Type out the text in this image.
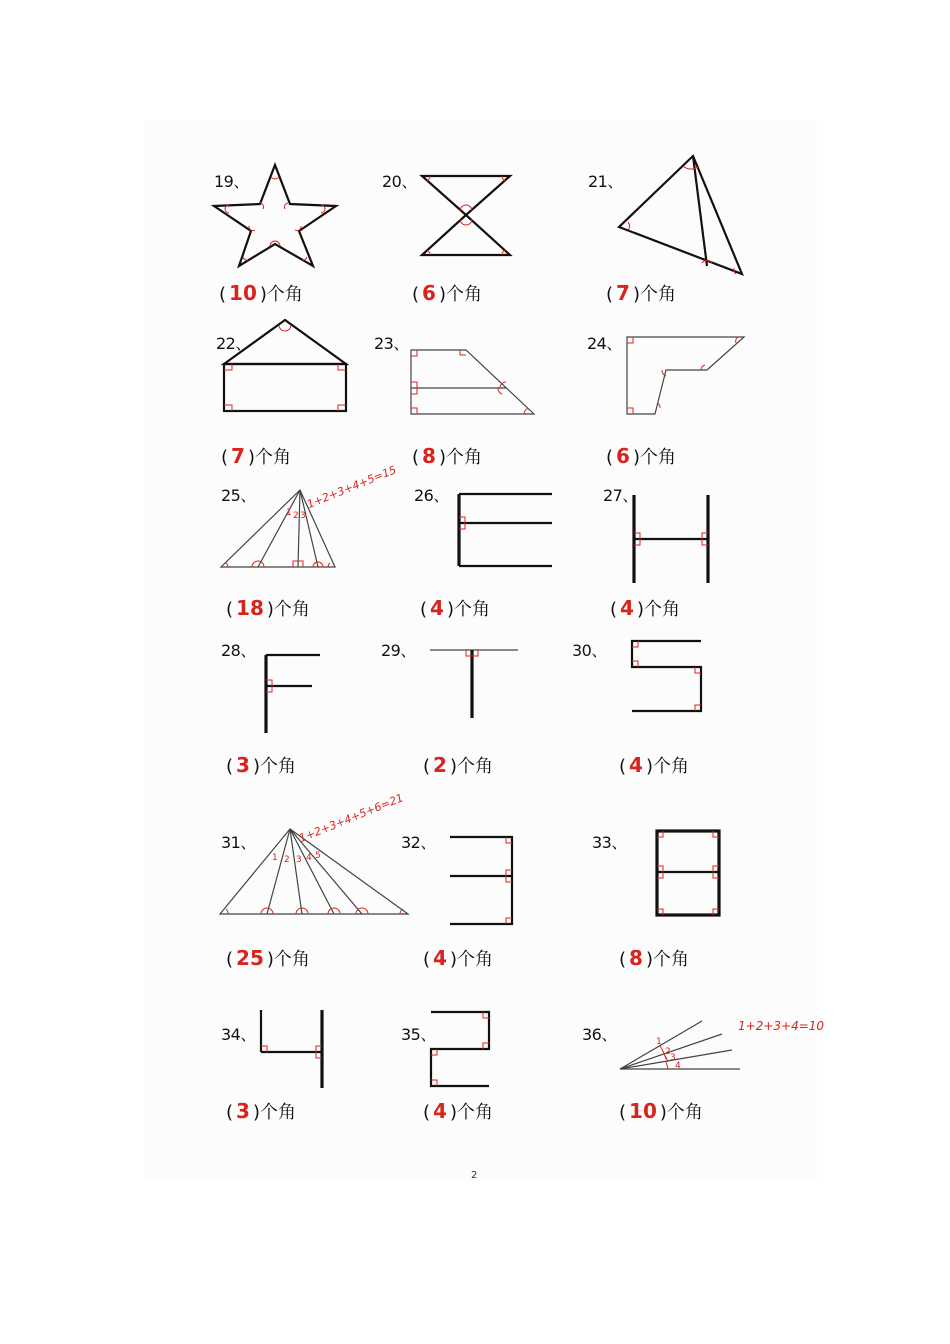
1 2 3
1 2 3 4 5
1
2
3
4
19、	20、	21、
22、	23、	24、
25、	26、	27、
28、	29、	30、
31、	32、	33、
34、	35、	36、
( 10 )个角	( 6 )个角	( 7 )个角
( 7 )个角	( 8 )个角	( 6 )个角
( 18 )个角	( 4 )个角	( 4 )个角
( 3 )个角	( 2 )个角	( 4 )个角
( 25 )个角	( 4 )个角	( 8 )个角
( 3 )个角	( 4 )个角	( 10 )个角
1+2+3+4+5=15
1+2+3+4+5+6=21
1+2+3+4=10
2
